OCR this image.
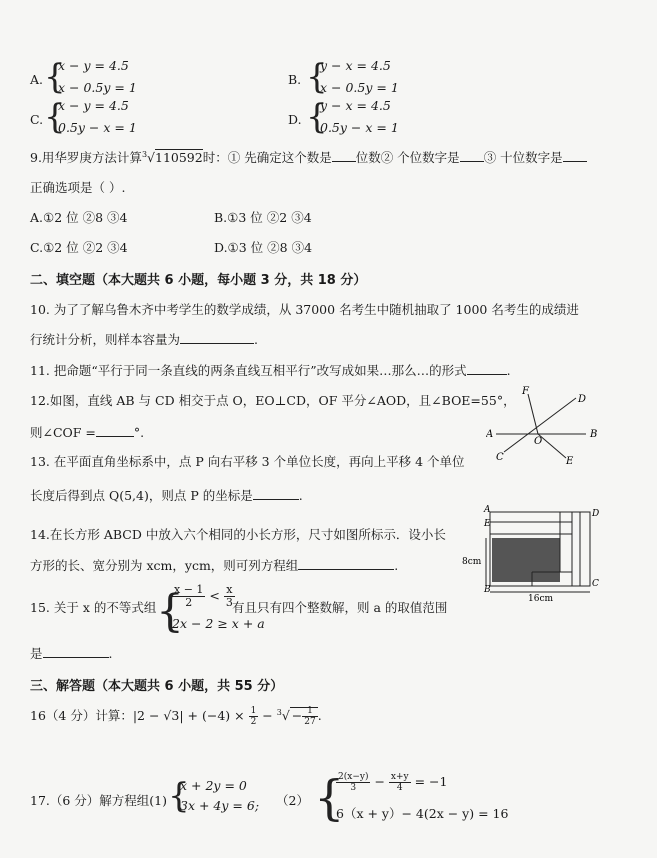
A. {
x − y = 4.5
x − 0.5y = 1
B. {
y − x = 4.5
x − 0.5y = 1
C. {
x − y = 4.5
0.5y − x = 1
D. {
y − x = 4.5
0.5y − x = 1
9.用华罗庚方法计算$^3$√110592时：① 先确定这个数是 位数② 个位数字是 ③ 十位数字是
正确选项是（ ）.
A.①2 位 ②8 ③4	B.①3 位 ②2 ③4
C.①2 位 ②2 ③4	D.①3 位 ②8 ③4
二、填空题（本大题共 6 小题，每小题 3 分，共 18 分）
10. 为了了解乌鲁木齐中考学生的数学成绩，从 37000 名考生中随机抽取了 1000 名考生的成绩进
行统计分析，则样本容量为	.
11. 把命题“平行于同一条直线的两条直线互相平行”改写成如果…那么…的形式	.
12.如图，直线 AB 与 CD 相交于点 O，EO⊥CD，OF 平分∠AOD，且∠BOE=55°，
则∠COF =	°.
F
D
A
O
B
C	E
13. 在平面直角坐标系中，点 P 向右平移 3 个单位长度，再向上平移 4 个单位
长度后得到点 Q(5,4)，则点 P 的坐标是	.
14.在长方形 ABCD 中放入六个相同的小长方形，尺寸如图所标示．设小长
方形的长、宽分别为 xcm，ycm，则可列方程组	.
A
E
D
B
C
8cm
16cm
15. 关于 x 的不等式组 {
$\frac{x - 1}{2} < \frac{x}{3}$
2x − 2 ≥ x + a
有且只有四个整数解，则 a 的取值范围
是	.
三、解答题（本大题共 6 小题，共 55 分）
16（4 分）计算：$|2 - √3| + (-4) \times \frac{1}{2} - ^3√ - \frac{1}{27}$ .
17.（6 分）解方程组(1) {
x + 2y = 0
3x + 4y = 6; （2） {
$\frac{2(x-y)}{3} - \frac{x+y}{4} = -1$
6（x + y）− 4(2x − y) = 16
